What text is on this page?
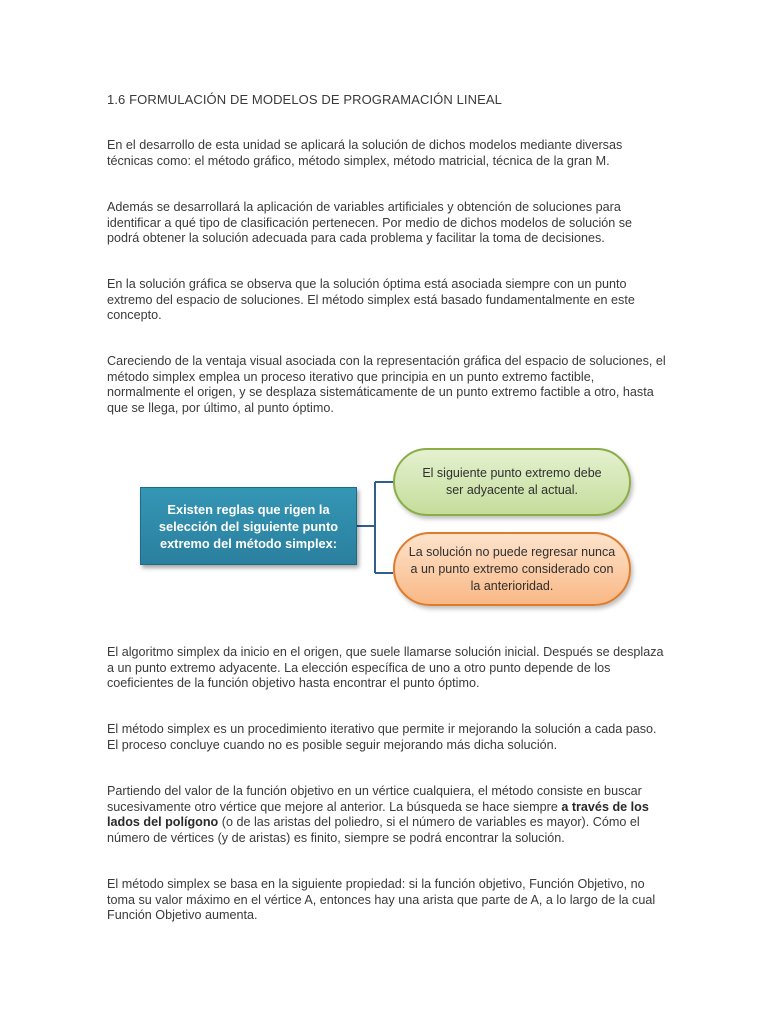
1.6 FORMULACIÓN DE MODELOS DE PROGRAMACIÓN LINEAL

En el desarrollo de esta unidad se aplicará la solución de dichos modelos mediante diversas técnicas como: el método gráfico, método simplex, método matricial, técnica de la gran M.

Además se desarrollará la aplicación de variables artificiales y obtención de soluciones para identificar a qué tipo de clasificación pertenecen. Por medio de dichos modelos de solución se podrá obtener la solución adecuada para cada problema y facilitar la toma de decisiones.

En la solución gráfica se observa que la solución óptima está asociada siempre con un punto extremo del espacio de soluciones. El método simplex está basado fundamentalmente en este concepto.

Careciendo de la ventaja visual asociada con la representación gráfica del espacio de soluciones, el método simplex emplea un proceso iterativo que principia en un punto extremo factible, normalmente el origen, y se desplaza sistemáticamente de un punto extremo factible a otro, hasta que se llega, por último, al punto óptimo.

Existen reglas que rigen la selección del siguiente punto extremo del método simplex:
El siguiente punto extremo debe ser adyacente al actual.
La solución no puede regresar nunca a un punto extremo considerado con la anterioridad.

El algoritmo simplex da inicio en el origen, que suele llamarse solución inicial. Después se desplaza a un punto extremo adyacente. La elección específica de uno a otro punto depende de los coeficientes de la función objetivo hasta encontrar el punto óptimo.

El método simplex es un procedimiento iterativo que permite ir mejorando la solución a cada paso. El proceso concluye cuando no es posible seguir mejorando más dicha solución.

Partiendo del valor de la función objetivo en un vértice cualquiera, el método consiste en buscar sucesivamente otro vértice que mejore al anterior. La búsqueda se hace siempre a través de los lados del polígono (o de las aristas del poliedro, si el número de variables es mayor). Cómo el número de vértices (y de aristas) es finito, siempre se podrá encontrar la solución.

El método simplex se basa en la siguiente propiedad: si la función objetivo, Función Objetivo, no toma su valor máximo en el vértice A, entonces hay una arista que parte de A, a lo largo de la cual Función Objetivo aumenta.
